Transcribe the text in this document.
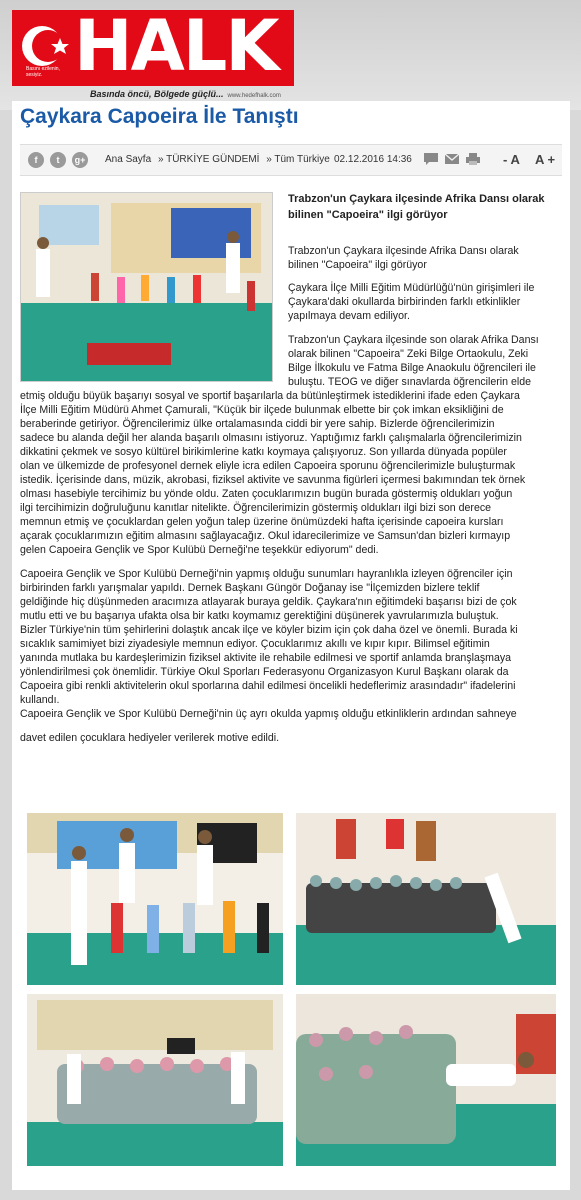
HALK
Basını ezilenin, sesiyiz.
Basında öncü, Bölgede güçlü... www.hedefhalk.com
Çaykara Capoeira İle Tanıştı
f	t	g+ Ana Sayfa » TÜRKİYE GÜNDEMİ » Tüm Türkiye 02.12.2016 14:36	- A A +
Trabzon'un Çaykara ilçesinde Afrika Dansı olarak bilinen "Capoeira" ilgi görüyor

Trabzon'un Çaykara ilçesinde Afrika Dansı olarak

bilinen "Capoeira" ilgi görüyor

Çaykara İlçe Milli Eğitim Müdürlüğü'nün girişimleri ile

Çaykara'daki okullarda birbirinden farklı etkinlikler

yapılmaya devam ediliyor.

Trabzon'un Çaykara ilçesinde son olarak Afrika Dansı

olarak bilinen "Capoeira" Zeki Bilge Ortaokulu, Zeki

Bilge İlkokulu ve Fatma Bilge Anaokulu öğrencileri ile

buluştu. TEOG ve diğer sınavlarda öğrencilerin elde

etmiş olduğu büyük başarıyı sosyal ve sportif başarılarla da bütünleştirmek istediklerini ifade eden Çaykara

İlçe Milli Eğitim Müdürü Ahmet Çamurali, "Küçük bir ilçede bulunmak elbette bir çok imkan eksikliğini de

beraberinde getiriyor. Öğrencilerimiz ülke ortalamasında ciddi bir yere sahip. Bizlerde öğrencilerimizin

sadece bu alanda değil her alanda başarılı olmasını istiyoruz. Yaptığımız farklı çalışmalarla öğrencilerimizin

dikkatini çekmek ve sosyo kültürel birikimlerine katkı koymaya çalışıyoruz. Son yıllarda dünyada popüler

olan ve ülkemizde de profesyonel dernek eliyle icra edilen Capoeira sporunu öğrencilerimizle buluşturmak

istedik. İçerisinde dans, müzik, akrobasi, fiziksel aktivite ve savunma figürleri içermesi bakımından tek örnek

olması hasebiyle tercihimiz bu yönde oldu. Zaten çocuklarımızın bugün burada göstermiş oldukları yoğun

ilgi tercihimizin doğruluğunu kanıtlar nitelikte. Öğrencilerimizin göstermiş oldukları ilgi bizi son derece

memnun etmiş ve çocuklardan gelen yoğun talep üzerine önümüzdeki hafta içerisinde capoeira kursları

açarak çocuklarımızın eğitim almasını sağlayacağız. Okul idarecilerimize ve Samsun'dan bizleri kırmayıp

gelen Capoeira Gençlik ve Spor Kulübü Derneği'ne teşekkür ediyorum" dedi.

Capoeira Gençlik ve Spor Kulübü Derneği'nin yapmış olduğu sunumları hayranlıkla izleyen öğrenciler için

birbirinden farklı yarışmalar yapıldı. Dernek Başkanı Güngör Doğanay ise "İlçemizden bizlere teklif

geldiğinde hiç düşünmeden aracımıza atlayarak buraya geldik. Çaykara'nın eğitimdeki başarısı bizi de çok

mutlu etti ve bu başarıya ufakta olsa bir katkı koymamız gerektiğini düşünerek yavrularımızla buluştuk.

Bizler Türkiye'nin tüm şehirlerini dolaştık ancak ilçe ve köyler bizim için çok daha özel ve önemli. Burada ki

sıcaklık samimiyet bizi ziyadesiyle memnun ediyor. Çocuklarımız akıllı ve kıpır kıpır. Bilimsel eğitimin

yanında mutlaka bu kardeşlerimizin fiziksel aktivite ile rehabile edilmesi ve sportif anlamda branşlaşmaya

yönlendirilmesi çok önemlidir. Türkiye Okul Sporları Federasyonu Organizasyon Kurul Başkanı olarak da

Capoeira gibi renkli aktivitelerin okul sporlarına dahil edilmesi öncelikli hedeflerimiz arasındadır" ifadelerini

kullandı.

Capoeira Gençlik ve Spor Kulübü Derneği'nin üç ayrı okulda yapmış olduğu etkinliklerin ardından sahneye

davet edilen çocuklara hediyeler verilerek motive edildi.
